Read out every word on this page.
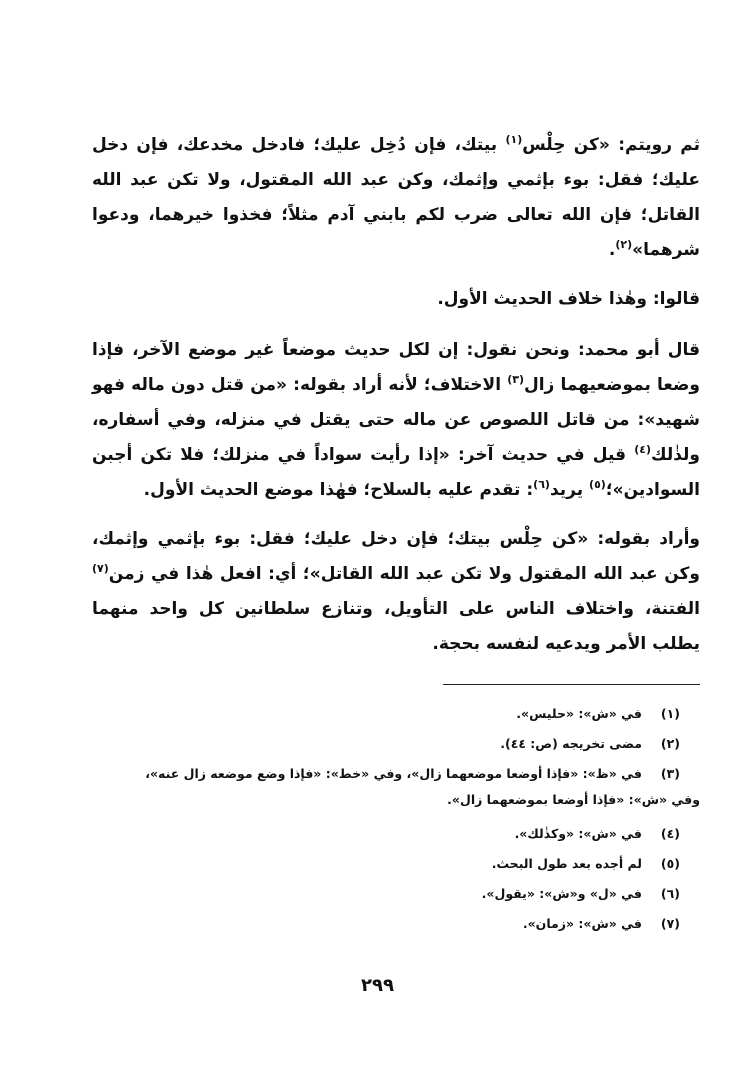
ثم رويتم: «كن حِلْس$^{(١)}$ بيتك، فإن دُخِل عليك؛ فادخل مخدعك، فإن دخل عليك؛ فقل: بوء بإثمي وإثمك، وكن عبد الله المقتول، ولا تكن عبد الله القاتل؛ فإن الله تعالى ضرب لكم بابني آدم مثلاً؛ فخذوا خيرهما، ودعوا شرهما»$^{(٢)}$.

قالوا: وهٰذا خلاف الحديث الأول.

قال أبو محمد: ونحن نقول: إن لكل حديث موضعاً غير موضع الآخر، فإذا وضعا بموضعيهما زال$^{(٣)}$ الاختلاف؛ لأنه أراد بقوله: «من قتل دون ماله فهو شهيد»: من قاتل اللصوص عن ماله حتى يقتل في منزله، وفي أسفاره، ولذٰلك$^{(٤)}$ قيل في حديث آخر: «إذا رأيت سواداً في منزلك؛ فلا تكن أجبن السوادين»؛$^{(٥)}$ يريد$^{(٦)}$: تقدم عليه بالسلاح؛ فهٰذا موضع الحديث الأول.

وأراد بقوله: «كن حِلْس بيتك؛ فإن دخل عليك؛ فقل: بوء بإثمي وإثمك، وكن عبد الله المقتول ولا تكن عبد الله القاتل»؛ أي: افعل هٰذا في زمن$^{(٧)}$ الفتنة، واختلاف الناس على التأويل، وتنازع سلطانين كل واحد منهما يطلب الأمر ويدعيه لنفسه بحجة.

(١)
في «ش»: «حليس».
(٢)
مضى تخريجه (ص: ٤٤).
(٣)
في «ظ»: «فإذا أوضعا موضعهما زال»، وفي «خط»: «فإذا وضع موضعه زال عنه»،
وفي «ش»: «فإذا أوضعا بموضعهما زال».
(٤)
في «ش»: «وكذٰلك».
(٥)
لم أجده بعد طول البحث.
(٦)
في «ل» و«ش»: «يقول».
(٧)
في «ش»: «زمان».
٢٩٩
